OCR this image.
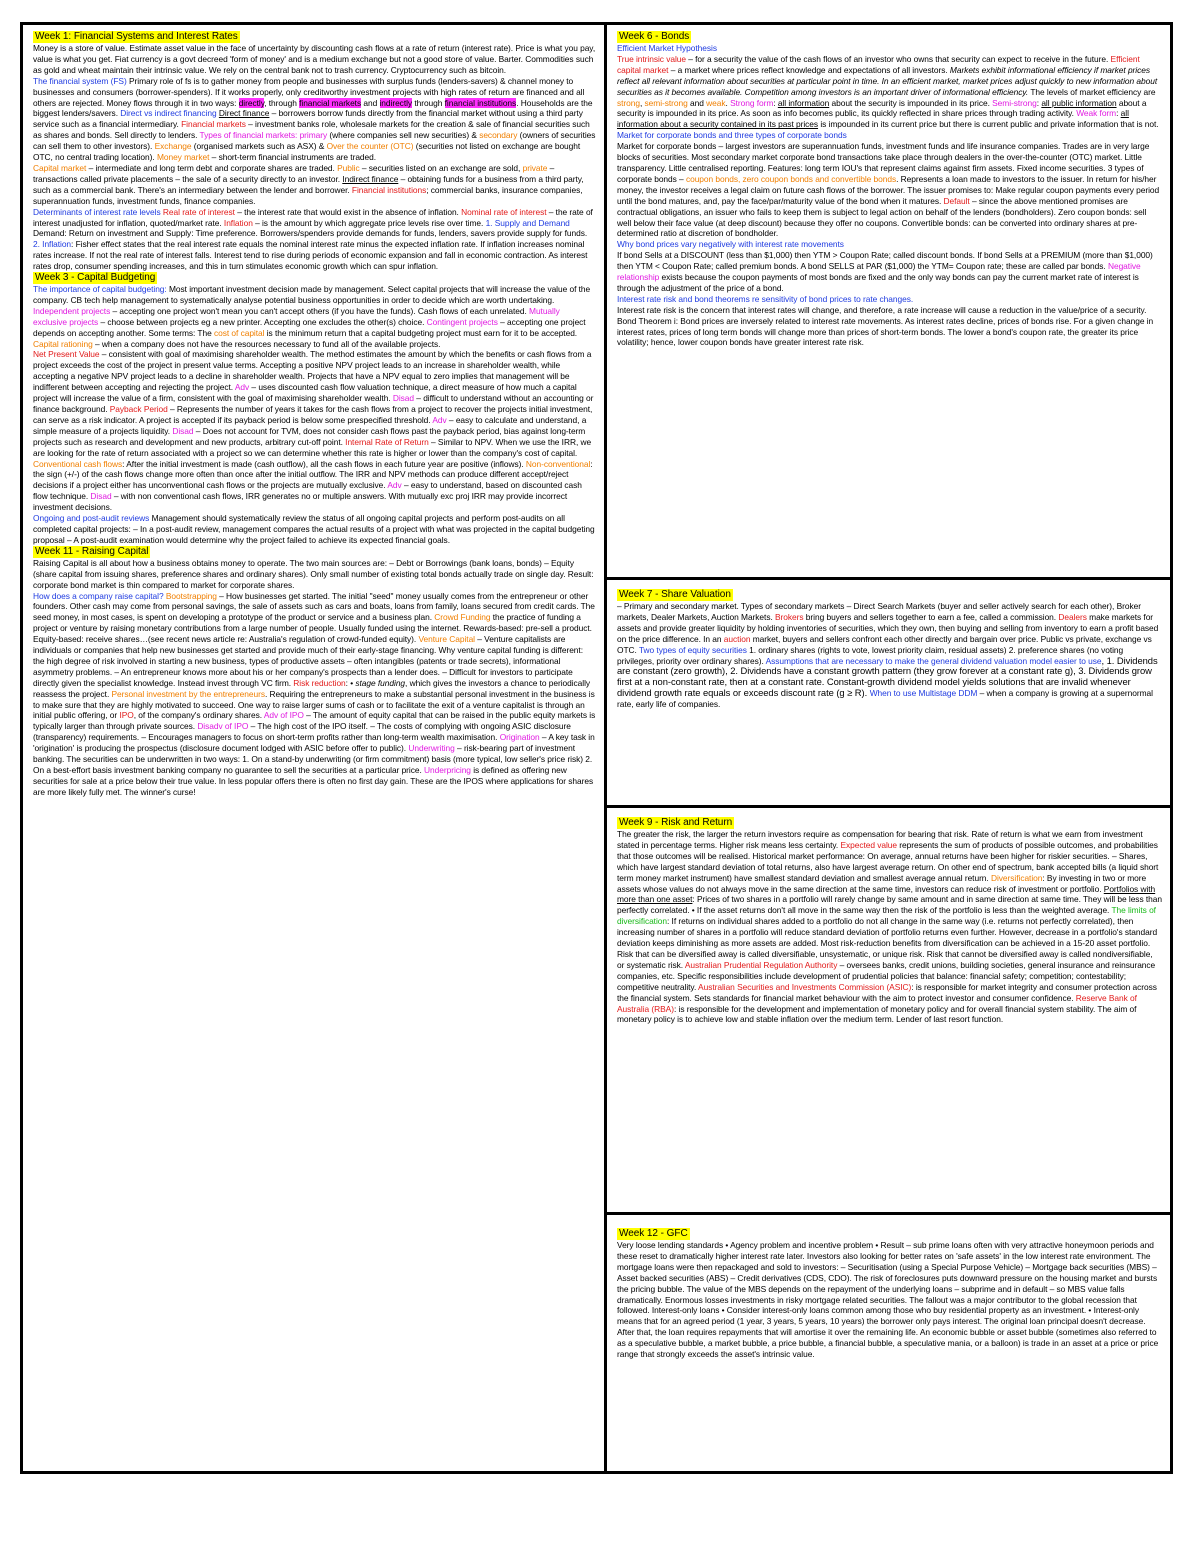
Week 1: Financial Systems and Interest Rates

Money is a store of value. Estimate asset value in the face of uncertainty by discounting cash flows at a rate of return (interest rate). Price is what you pay, value is what you get. Fiat currency is a govt decreed 'form of money' and is a medium exchange but not a good store of value. Barter. Commodities such as gold and wheat maintain their intrinsic value. We rely on the central bank not to trash currency. Cryptocurrency such as bitcoin.

The financial system (FS) Primary role of fs is to gather money from people and businesses with surplus funds (lenders-savers) & channel money to businesses and consumers (borrower-spenders). If it works properly, only creditworthy investment projects with high rates of return are financed and all others are rejected. Money flows through it in two ways: directly, through financial markets and indirectly through financial institutions. Households are the biggest lenders/savers. Direct vs indirect financing Direct finance – borrowers borrow funds directly from the financial market without using a third party service such as a financial intermediary. Financial markets – investment banks role, wholesale markets for the creation & sale of financial securities such as shares and bonds. Sell directly to lenders. Types of financial markets: primary (where companies sell new securities) & secondary (owners of securities can sell them to other investors). Exchange (organised markets such as ASX) & Over the counter (OTC) (securities not listed on exchange are bought OTC, no central trading location). Money market – short-term financial instruments are traded.

Capital market – intermediate and long term debt and corporate shares are traded. Public – securities listed on an exchange are sold, private – transactions called private placements – the sale of a security directly to an investor. Indirect finance – obtaining funds for a business from a third party, such as a commercial bank. There's an intermediary between the lender and borrower. Financial institutions; commercial banks, insurance companies, superannuation funds, investment funds, finance companies.

Determinants of interest rate levels Real rate of interest – the interest rate that would exist in the absence of inflation. Nominal rate of interest – the rate of interest unadjusted for inflation, quoted/market rate. Inflation – is the amount by which aggregate price levels rise over time. 1. Supply and Demand Demand: Return on investment and Supply: Time preference. Borrowers/spenders provide demands for funds, lenders, savers provide supply for funds. 2. Inflation: Fisher effect states that the real interest rate equals the nominal interest rate minus the expected inflation rate. If inflation increases nominal rates increase. If not the real rate of interest falls. Interest tend to rise during periods of economic expansion and fall in economic contraction. As interest rates drop, consumer spending increases, and this in turn stimulates economic growth which can spur inflation.

Week 3 - Capital Budgeting

The importance of capital budgeting: Most important investment decision made by management. Select capital projects that will increase the value of the company. CB tech help management to systematically analyse potential business opportunities in order to decide which are worth undertaking. Independent projects – accepting one project won't mean you can't accept others (if you have the funds). Cash flows of each unrelated. Mutually exclusive projects – choose between projects eg a new printer. Accepting one excludes the other(s) choice. Contingent projects – accepting one project depends on accepting another. Some terms: The cost of capital is the minimum return that a capital budgeting project must earn for it to be accepted. Capital rationing – when a company does not have the resources necessary to fund all of the available projects.

Net Present Value – consistent with goal of maximising shareholder wealth. The method estimates the amount by which the benefits or cash flows from a project exceeds the cost of the project in present value terms. Accepting a positive NPV project leads to an increase in shareholder wealth, while accepting a negative NPV project leads to a decline in shareholder wealth. Projects that have a NPV equal to zero implies that management will be indifferent between accepting and rejecting the project. Adv – uses discounted cash flow valuation technique, a direct measure of how much a capital project will increase the value of a firm, consistent with the goal of maximising shareholder wealth. Disad – difficult to understand without an accounting or finance background. Payback Period – Represents the number of years it takes for the cash flows from a project to recover the projects initial investment, can serve as a risk indicator. A project is accepted if its payback period is below some prespecified threshold. Adv – easy to calculate and understand, a simple measure of a projects liquidity. Disad – Does not account for TVM, does not consider cash flows past the payback period, bias against long-term projects such as research and development and new products, arbitrary cut-off point. Internal Rate of Return – Similar to NPV. When we use the IRR, we are looking for the rate of return associated with a project so we can determine whether this rate is higher or lower than the company's cost of capital. Conventional cash flows: After the initial investment is made (cash outflow), all the cash flows in each future year are positive (inflows). Non-conventional: the sign (+/-) of the cash flows change more often than once after the initial outflow. The IRR and NPV methods can produce different accept/reject decisions if a project either has unconventional cash flows or the projects are mutually exclusive. Adv – easy to understand, based on discounted cash flow technique. Disad – with non conventional cash flows, IRR generates no or multiple answers. With mutually exc proj IRR may provide incorrect investment decisions.

Ongoing and post-audit reviews Management should systematically review the status of all ongoing capital projects and perform post-audits on all completed capital projects: – In a post-audit review, management compares the actual results of a project with what was projected in the capital budgeting proposal – A post-audit examination would determine why the project failed to achieve its expected financial goals.

Week 11 - Raising Capital

Raising Capital is all about how a business obtains money to operate. The two main sources are: – Debt or Borrowings (bank loans, bonds) – Equity (share capital from issuing shares, preference shares and ordinary shares). Only small number of existing total bonds actually trade on single day. Result: corporate bond market is thin compared to market for corporate shares.

How does a company raise capital? Bootstrapping – How businesses get started. The initial "seed" money usually comes from the entrepreneur or other founders. Other cash may come from personal savings, the sale of assets such as cars and boats, loans from family, loans secured from credit cards. The seed money, in most cases, is spent on developing a prototype of the product or service and a business plan. Crowd Funding the practice of funding a project or venture by raising monetary contributions from a large number of people. Usually funded using the internet. Rewards-based: pre-sell a product. Equity-based: receive shares…(see recent news article re: Australia's regulation of crowd-funded equity). Venture Capital – Venture capitalists are individuals or companies that help new businesses get started and provide much of their early-stage financing. Why venture capital funding is different: the high degree of risk involved in starting a new business, types of productive assets – often intangibles (patents or trade secrets), informational asymmetry problems. – An entrepreneur knows more about his or her company's prospects than a lender does. – Difficult for investors to participate directly given the specialist knowledge. Instead invest through VC firm. Risk reduction: • stage funding, which gives the investors a chance to periodically reassess the project. Personal investment by the entrepreneurs. Requiring the entrepreneurs to make a substantial personal investment in the business is to make sure that they are highly motivated to succeed. One way to raise larger sums of cash or to facilitate the exit of a venture capitalist is through an initial public offering, or IPO, of the company's ordinary shares. Adv of IPO – The amount of equity capital that can be raised in the public equity markets is typically larger than through private sources. Disadv of IPO – The high cost of the IPO itself. – The costs of complying with ongoing ASIC disclosure (transparency) requirements. – Encourages managers to focus on short-term profits rather than long-term wealth maximisation. Origination – A key task in 'origination' is producing the prospectus (disclosure document lodged with ASIC before offer to public). Underwriting – risk-bearing part of investment banking. The securities can be underwritten in two ways: 1. On a stand-by underwriting (or firm commitment) basis (more typical, low seller's price risk) 2. On a best-effort basis investment banking company no guarantee to sell the securities at a particular price. Underpricing is defined as offering new securities for sale at a price below their true value. In less popular offers there is often no first day gain. These are the IPOS where applications for shares are more likely fully met. The winner's curse!

Week 6 - Bonds
Efficient Market Hypothesis

True intrinsic value – for a security the value of the cash flows of an investor who owns that security can expect to receive in the future. Efficient capital market – a market where prices reflect knowledge and expectations of all investors. Markets exhibit informational efficiency if market prices reflect all relevant information about securities at particular point in time. In an efficient market, market prices adjust quickly to new information about securities as it becomes available. Competition among investors is an important driver of informational efficiency. The levels of market efficiency are strong, semi-strong and weak. Strong form: all information about the security is impounded in its price. Semi-strong: all public information about a security is impounded in its price. As soon as info becomes public, its quickly reflected in share prices through trading activity. Weak form: all information about a security contained in its past prices is impounded in its current price but there is current public and private information that is not.

Market for corporate bonds and three types of corporate bonds

Market for corporate bonds – largest investors are superannuation funds, investment funds and life insurance companies. Trades are in very large blocks of securities. Most secondary market corporate bond transactions take place through dealers in the over-the-counter (OTC) market. Little transparency. Little centralised reporting. Features: long term IOU's that represent claims against firm assets. Fixed income securities. 3 types of corporate bonds – coupon bonds, zero coupon bonds and convertible bonds. Represents a loan made to investors to the issuer. In return for his/her money, the investor receives a legal claim on future cash flows of the borrower. The issuer promises to: Make regular coupon payments every period until the bond matures, and, pay the face/par/maturity value of the bond when it matures. Default – since the above mentioned promises are contractual obligations, an issuer who fails to keep them is subject to legal action on behalf of the lenders (bondholders). Zero coupon bonds: sell well below their face value (at deep discount) because they offer no coupons. Convertible bonds: can be converted into ordinary shares at pre-determined ratio at discretion of bondholder.

Why bond prices vary negatively with interest rate movements

If bond Sells at a DISCOUNT (less than $1,000) then YTM > Coupon Rate; called discount bonds. If bond Sells at a PREMIUM (more than $1,000) then YTM < Coupon Rate; called premium bonds. A bond SELLS at PAR ($1,000) the YTM= Coupon rate; these are called par bonds. Negative relationship exists because the coupon payments of most bonds are fixed and the only way bonds can pay the current market rate of interest is through the adjustment of the price of a bond.

Interest rate risk and bond theorems re sensitivity of bond prices to rate changes.

Interest rate risk is the concern that interest rates will change, and therefore, a rate increase will cause a reduction in the value/price of a security. Bond Theorem i: Bond prices are inversely related to interest rate movements. As interest rates decline, prices of bonds rise. For a given change in interest rates, prices of long term bonds will change more than prices of short-term bonds. The lower a bond's coupon rate, the greater its price volatility; hence, lower coupon bonds have greater interest rate risk.

Week 7 - Share Valuation

– Primary and secondary market. Types of secondary markets – Direct Search Markets (buyer and seller actively search for each other), Broker markets, Dealer Markets, Auction Markets. Brokers bring buyers and sellers together to earn a fee, called a commission. Dealers make markets for assets and provide greater liquidity by holding inventories of securities, which they own, then buying and selling from inventory to earn a profit based on the price difference. In an auction market, buyers and sellers confront each other directly and bargain over price. Public vs private, exchange vs OTC. Two types of equity securities 1. ordinary shares (rights to vote, lowest priority claim, residual assets) 2. preference shares (no voting privileges, priority over ordinary shares). Assumptions that are necessary to make the general dividend valuation model easier to use, 1. Dividends are constant (zero growth), 2. Dividends have a constant growth pattern (they grow forever at a constant rate g), 3. Dividends grow first at a non-constant rate, then at a constant rate. Constant-growth dividend model yields solutions that are invalid whenever dividend growth rate equals or exceeds discount rate (g ≥ R). When to use Multistage DDM – when a company is growing at a supernormal rate, early life of companies.

Week 9 - Risk and Return

The greater the risk, the larger the return investors require as compensation for bearing that risk. Rate of return is what we earn from investment stated in percentage terms. Higher risk means less certainty. Expected value represents the sum of products of possible outcomes, and probabilities that those outcomes will be realised. Historical market performance: On average, annual returns have been higher for riskier securities. – Shares, which have largest standard deviation of total returns, also have largest average return. On other end of spectrum, bank accepted bills (a liquid short term money market instrument) have smallest standard deviation and smallest average annual return. Diversification: By investing in two or more assets whose values do not always move in the same direction at the same time, investors can reduce risk of investment or portfolio. Portfolios with more than one asset: Prices of two shares in a portfolio will rarely change by same amount and in same direction at same time. They will be less than perfectly correlated. • If the asset returns don't all move in the same way then the risk of the portfolio is less than the weighted average. The limits of diversification: If returns on individual shares added to a portfolio do not all change in the same way (i.e. returns not perfectly correlated), then increasing number of shares in a portfolio will reduce standard deviation of portfolio returns even further. However, decrease in a portfolio's standard deviation keeps diminishing as more assets are added. Most risk-reduction benefits from diversification can be achieved in a 15-20 asset portfolio. Risk that can be diversified away is called diversifiable, unsystematic, or unique risk. Risk that cannot be diversified away is called nondiversifiable, or systematic risk. Australian Prudential Regulation Authority – oversees banks, credit unions, building societies, general insurance and reinsurance companies, etc. Specific responsibilities include development of prudential policies that balance: financial safety; competition; contestability; competitive neutrality. Australian Securities and Investments Commission (ASIC): is responsible for market integrity and consumer protection across the financial system. Sets standards for financial market behaviour with the aim to protect investor and consumer confidence. Reserve Bank of Australia (RBA): is responsible for the development and implementation of monetary policy and for overall financial system stability. The aim of monetary policy is to achieve low and stable inflation over the medium term. Lender of last resort function.

Week 12 - GFC

Very loose lending standards • Agency problem and incentive problem • Result – sub prime loans often with very attractive honeymoon periods and these reset to dramatically higher interest rate later. Investors also looking for better rates on 'safe assets' in the low interest rate environment. The mortgage loans were then repackaged and sold to investors: – Securitisation (using a Special Purpose Vehicle) – Mortgage back securities (MBS) – Asset backed securities (ABS) – Credit derivatives (CDS, CDO). The risk of foreclosures puts downward pressure on the housing market and bursts the pricing bubble. The value of the MBS depends on the repayment of the underlying loans – subprime and in default – so MBS value falls dramatically. Enormous losses investments in risky mortgage related securities. The fallout was a major contributor to the global recession that followed. Interest-only loans • Consider interest-only loans common among those who buy residential property as an investment. • Interest-only means that for an agreed period (1 year, 3 years, 5 years, 10 years) the borrower only pays interest. The original loan principal doesn't decrease. After that, the loan requires repayments that will amortise it over the remaining life. An economic bubble or asset bubble (sometimes also referred to as a speculative bubble, a market bubble, a price bubble, a financial bubble, a speculative mania, or a balloon) is trade in an asset at a price or price range that strongly exceeds the asset's intrinsic value.
